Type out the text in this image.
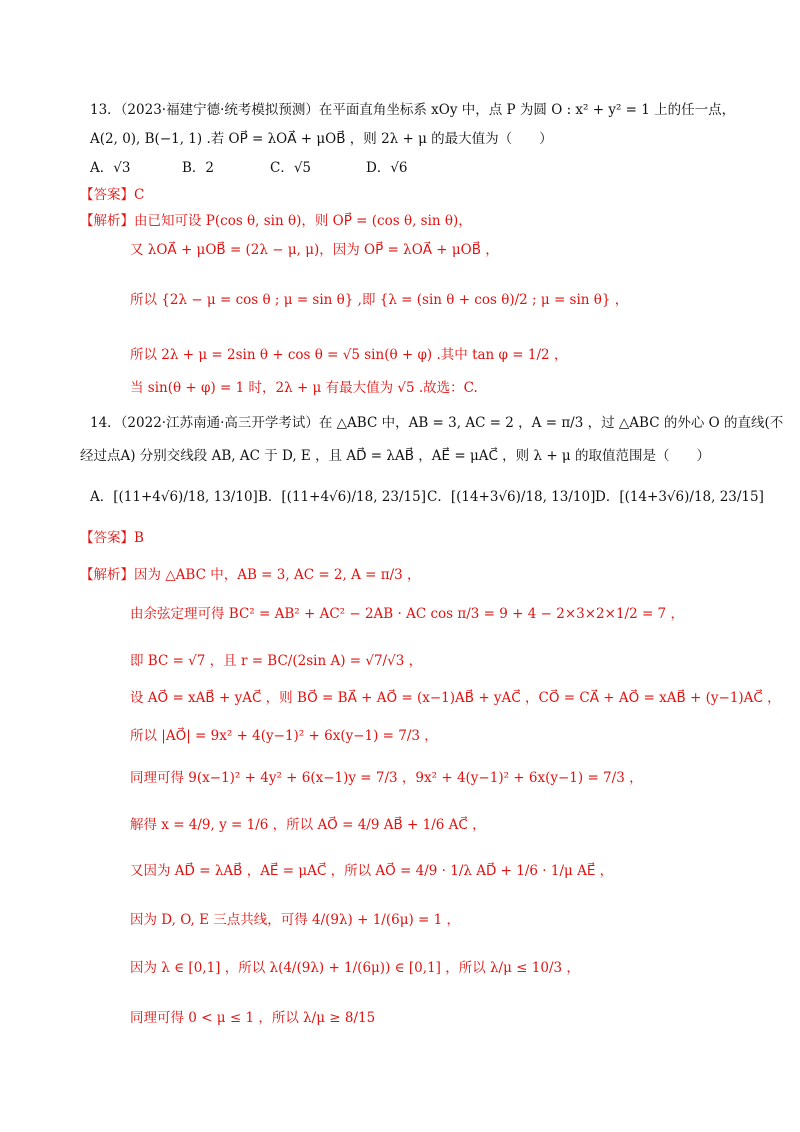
13．（2023·福建宁德·统考模拟预测）在平面直角坐标系 xOy 中，点 P 为圆 O : x² + y² = 1 上的任一点，
A(2, 0), B(−1, 1) .若 OP⃗ = λOA⃗ + μOB⃗ ，则 2λ + μ 的最大值为（　　）
A．√3	B．2	C．√5	D．√6
【答案】C
【解析】由已知可设 P(cos θ, sin θ)，则 OP⃗ = (cos θ, sin θ)，
又 λOA⃗ + μOB⃗ = (2λ − μ, μ)，因为 OP⃗ = λOA⃗ + μOB⃗ ，
所以 {2λ − μ = cos θ ; μ = sin θ} ,即 {λ = (sin θ + cos θ)/2 ; μ = sin θ} ，
所以 2λ + μ = 2sin θ + cos θ = √5 sin(θ + φ) .其中 tan φ = 1/2 ，
当 sin(θ + φ) = 1 时，2λ + μ 有最大值为 √5 .故选：C.
14．（2022·江苏南通·高三开学考试）在 △ABC 中，AB = 3, AC = 2 ，A = π/3 ，过 △ABC 的外心 O 的直线(不
经过点A) 分别交线段 AB, AC 于 D, E ，且 AD⃗ = λAB⃗ ，AE⃗ = μAC⃗ ，则 λ + μ 的取值范围是（　　）
A．[(11+4√6)/18, 13/10] B．[(11+4√6)/18, 23/15] C．[(14+3√6)/18, 13/10] D．[(14+3√6)/18, 23/15]
【答案】B
【解析】因为 △ABC 中，AB = 3, AC = 2, A = π/3 ，
由余弦定理可得 BC² = AB² + AC² − 2AB · AC cos π/3 = 9 + 4 − 2×3×2×1/2 = 7 ，
即 BC = √7 ，且 r = BC/(2sin A) = √7/√3 ，
设 AO⃗ = xAB⃗ + yAC⃗ ，则 BO⃗ = BA⃗ + AO⃗ = (x−1)AB⃗ + yAC⃗ ，CO⃗ = CA⃗ + AO⃗ = xAB⃗ + (y−1)AC⃗ ，
所以 |AO⃗| = 9x² + 4(y−1)² + 6x(y−1) = 7/3 ，
同理可得 9(x−1)² + 4y² + 6(x−1)y = 7/3 ，9x² + 4(y−1)² + 6x(y−1) = 7/3 ，
解得 x = 4/9, y = 1/6 ，所以 AO⃗ = 4/9 AB⃗ + 1/6 AC⃗ ，
又因为 AD⃗ = λAB⃗ ，AE⃗ = μAC⃗ ，所以 AO⃗ = 4/9 · 1/λ AD⃗ + 1/6 · 1/μ AE⃗ ，
因为 D, O, E 三点共线，可得 4/(9λ) + 1/(6μ) = 1 ，
因为 λ ∈ [0,1] ，所以 λ(4/(9λ) + 1/(6μ)) ∈ [0,1] ，所以 λ/μ ≤ 10/3 ，
同理可得 0 < μ ≤ 1 ，所以 λ/μ ≥ 8/15
